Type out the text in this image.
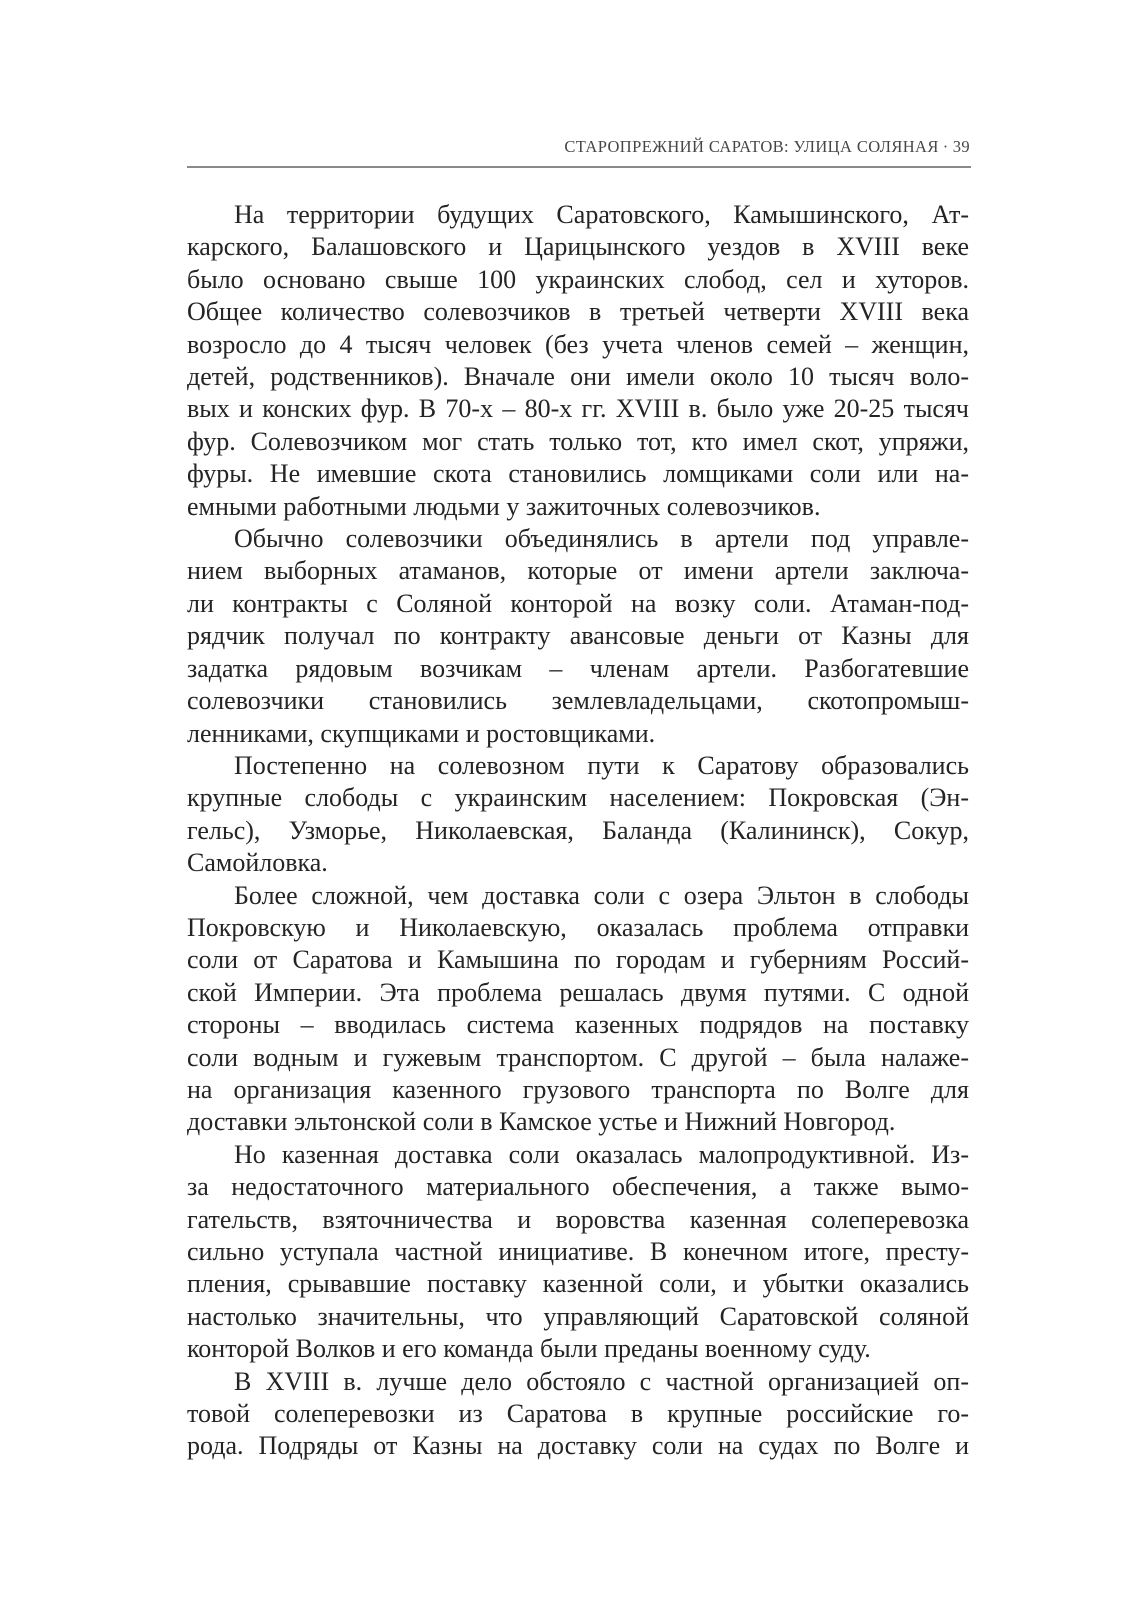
СТАРОПРЕЖНИЙ САРАТОВ: УЛИЦА СОЛЯНАЯ · 39
На территории будущих Саратовского, Камышинского, Ат-
карского, Балашовского и Царицынского уездов в XVIII веке
было основано свыше 100 украинских слобод, сел и хуторов.
Общее количество солевозчиков в третьей четверти XVIII века
возросло до 4 тысяч человек (без учета членов семей – женщин,
детей, родственников). Вначале они имели около 10 тысяч воло-
вых и конских фур. В 70-х – 80-х гг. XVIII в. было уже 20-25 тысяч
фур. Солевозчиком мог стать только тот, кто имел скот, упряжи,
фуры. Не имевшие скота становились ломщиками соли или на-
емными работными людьми у зажиточных солевозчиков.
Обычно солевозчики объединялись в артели под управле-
нием выборных атаманов, которые от имени артели заключа-
ли контракты с Соляной конторой на возку соли. Атаман-под-
рядчик получал по контракту авансовые деньги от Казны для
задатка рядовым возчикам – членам артели. Разбогатевшие
солевозчики становились землевладельцами, скотопромыш-
ленниками, скупщиками и ростовщиками.
Постепенно на солевозном пути к Саратову образовались
крупные слободы с украинским населением: Покровская (Эн-
гельс), Узморье, Николаевская, Баланда (Калининск), Сокур,
Самойловка.
Более сложной, чем доставка соли с озера Эльтон в слободы
Покровскую и Николаевскую, оказалась проблема отправки
соли от Саратова и Камышина по городам и губерниям Россий-
ской Империи. Эта проблема решалась двумя путями. С одной
стороны – вводилась система казенных подрядов на поставку
соли водным и гужевым транспортом. С другой – была налаже-
на организация казенного грузового транспорта по Волге для
доставки эльтонской соли в Камское устье и Нижний Новгород.
Но казенная доставка соли оказалась малопродуктивной. Из-
за недостаточного материального обеспечения, а также вымо-
гательств, взяточничества и воровства казенная солеперевозка
сильно уступала частной инициативе. В конечном итоге, престу-
пления, срывавшие поставку казенной соли, и убытки оказались
настолько значительны, что управляющий Саратовской соляной
конторой Волков и его команда были преданы военному суду.
В XVIII в. лучше дело обстояло с частной организацией оп-
товой солеперевозки из Саратова в крупные российские го-
рода. Подряды от Казны на доставку соли на судах по Волге и
